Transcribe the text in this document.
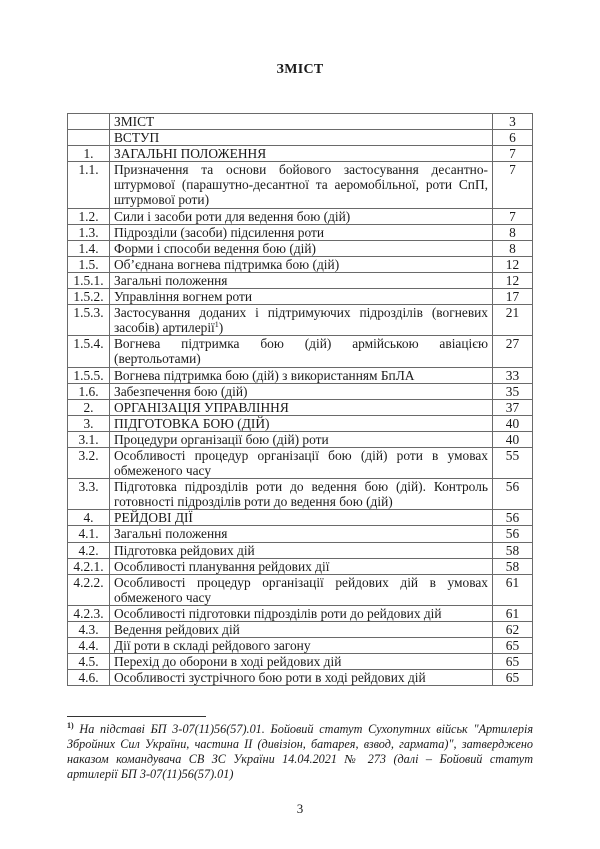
ЗМІСТ
	ЗМІСТ	3
	ВСТУП	6
1.	ЗАГАЛЬНІ ПОЛОЖЕННЯ	7
1.1.	Призначення та основи бойового застосування десантно-штурмової (парашутно-десантної та аеромобільної, роти СпП, штурмової роти)	7
1.2.	Сили і засоби роти для ведення бою (дій)	7
1.3.	Підрозділи (засоби) підсилення роти	8
1.4.	Форми і способи ведення бою (дій)	8
1.5.	Об’єднана вогнева підтримка бою (дій)	12
1.5.1.	Загальні положення	12
1.5.2.	Управління вогнем роти	17
1.5.3.	Застосування доданих і підтримуючих підрозділів (вогневих засобів) артилерії$^1$)	21
1.5.4.	Вогнева підтримка бою (дій) армійською авіацією (вертольотами)	27
1.5.5.	Вогнева підтримка бою (дій) з використанням БпЛА	33
1.6.	Забезпечення бою (дій)	35
2.	ОРГАНІЗАЦІЯ УПРАВЛІННЯ	37
3.	ПІДГОТОВКА БОЮ (ДІЙ)	40
3.1.	Процедури організації бою (дій) роти	40
3.2.	Особливості процедур організації бою (дій) роти в умовах обмеженого часу	55
3.3.	Підготовка підрозділів роти до ведення бою (дій). Контроль готовності підрозділів роти до ведення бою (дій)	56
4.	РЕЙДОВІ ДІЇ	56
4.1.	Загальні положення	56
4.2.	Підготовка рейдових дій	58
4.2.1.	Особливості планування рейдових дії	58
4.2.2.	Особливості процедур організації рейдових дій в умовах обмеженого часу	61
4.2.3.	Особливості підготовки підрозділів роти до рейдових дій	61
4.3.	Ведення рейдових дій	62
4.4.	Дії роти в складі рейдового загону	65
4.5.	Перехід до оборони в ході рейдових дій	65
4.6.	Особливості зустрічного бою роти в ході рейдових дій	65
$^{1)}$ На підставі БП 3-07(11)56(57).01. Бойовий статут Сухопутних військ "Артилерія Збройних Сил України, частина ІІ (дивізіон, батарея, взвод, гармата)", затверджено наказом командувача СВ ЗС України 14.04.2021 № 273 (далі – Бойовий статут артилерії БП 3-07(11)56(57).01)
3
